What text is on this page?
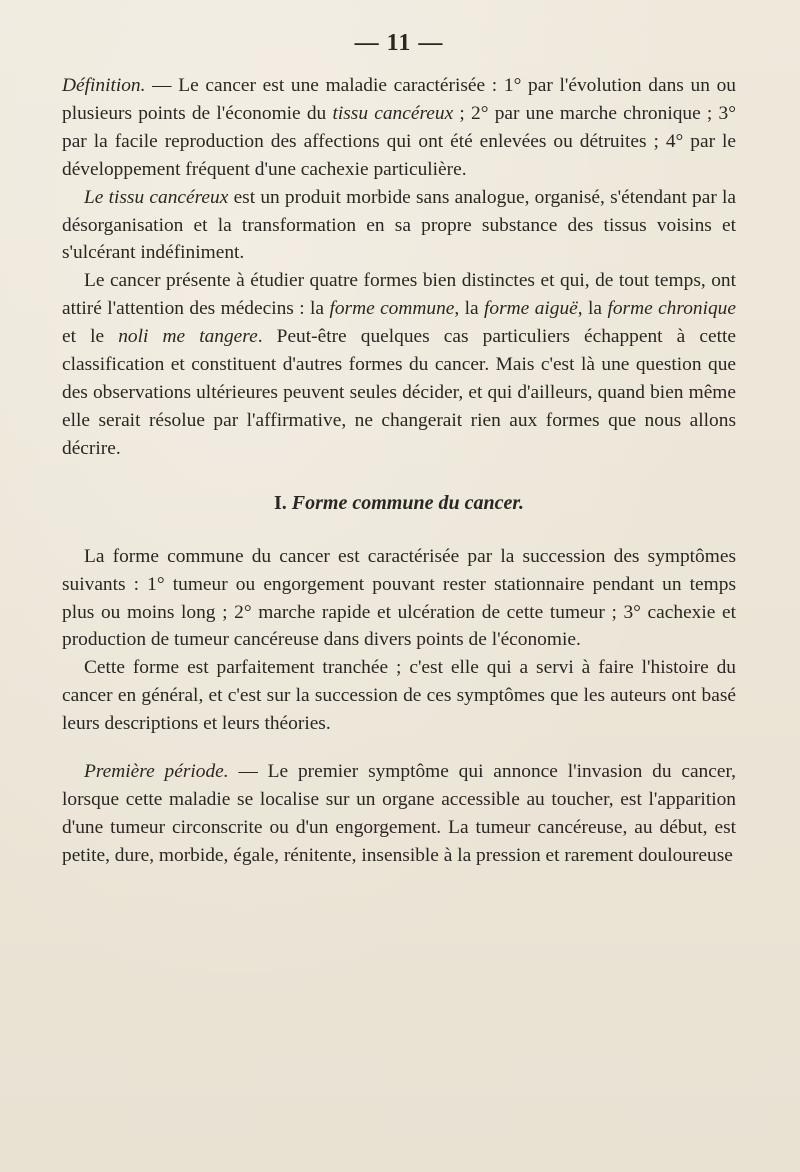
— 11 —

Définition. — Le cancer est une maladie caractérisée : 1° par l'évolution dans un ou plusieurs points de l'économie du tissu cancéreux ; 2° par une marche chronique ; 3° par la facile reproduction des affections qui ont été enlevées ou détruites ; 4° par le développement fréquent d'une cachexie particulière.

Le tissu cancéreux est un produit morbide sans analogue, organisé, s'étendant par la désorganisation et la transformation en sa propre substance des tissus voisins et s'ulcérant indéfiniment.

Le cancer présente à étudier quatre formes bien distinctes et qui, de tout temps, ont attiré l'attention des médecins : la forme commune, la forme aiguë, la forme chronique et le noli me tangere. Peut-être quelques cas particuliers échappent à cette classification et constituent d'autres formes du cancer. Mais c'est là une question que des observations ultérieures peuvent seules décider, et qui d'ailleurs, quand bien même elle serait résolue par l'affirmative, ne changerait rien aux formes que nous allons décrire.

I. Forme commune du cancer.

La forme commune du cancer est caractérisée par la succession des symptômes suivants : 1° tumeur ou engorgement pouvant rester stationnaire pendant un temps plus ou moins long ; 2° marche rapide et ulcération de cette tumeur ; 3° cachexie et production de tumeur cancéreuse dans divers points de l'économie.

Cette forme est parfaitement tranchée ; c'est elle qui a servi à faire l'histoire du cancer en général, et c'est sur la succession de ces symptômes que les auteurs ont basé leurs descriptions et leurs théories.

Première période. — Le premier symptôme qui annonce l'invasion du cancer, lorsque cette maladie se localise sur un organe accessible au toucher, est l'apparition d'une tumeur circonscrite ou d'un engorgement. La tumeur cancéreuse, au début, est petite, dure, morbide, égale, rénitente, insensible à la pression et rarement douloureuse
